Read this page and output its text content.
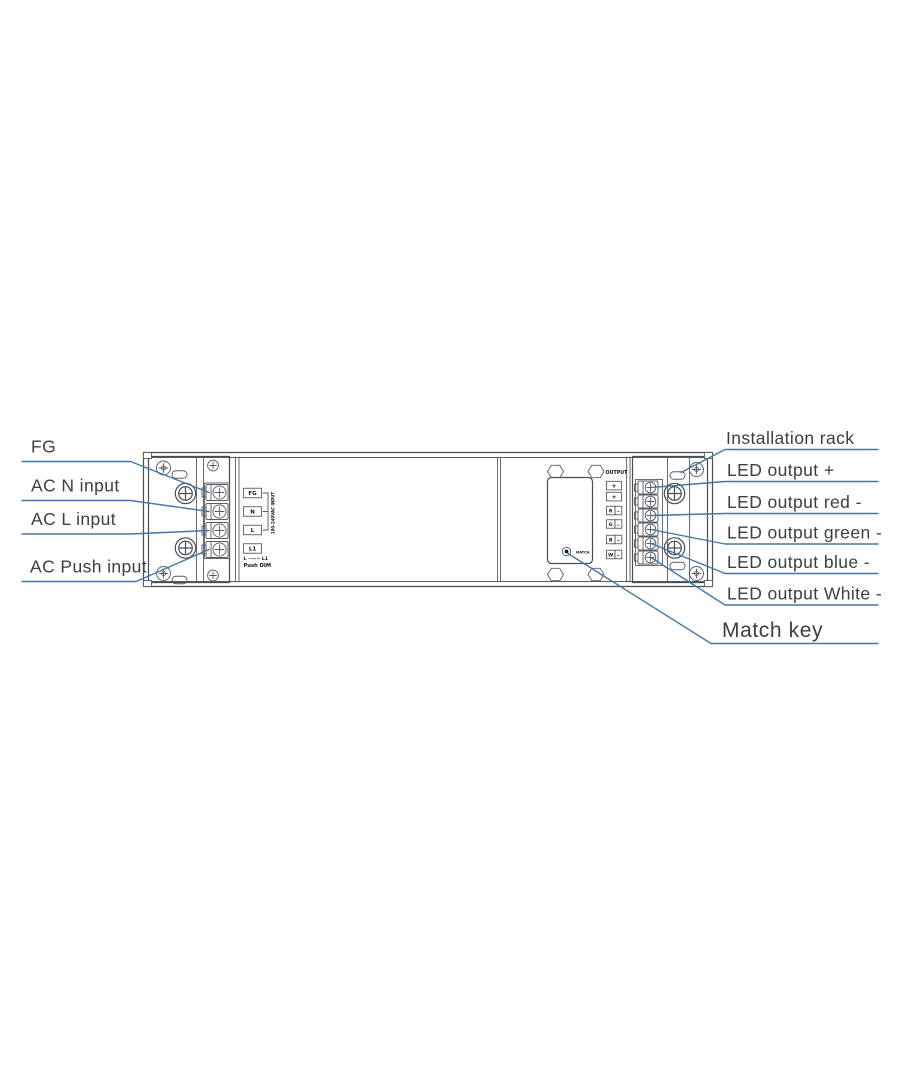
FG
N
L
L1
100-240VAC INPUT
L ~—~ L1
Push DIM
MATCH
OUTPUT
+
+
R -
G -
B -
W -
FG
AC N input
AC L input
AC Push input
Installation rack
LED output +
LED output red -
LED output green -
LED output blue -
LED output White -
Match key
